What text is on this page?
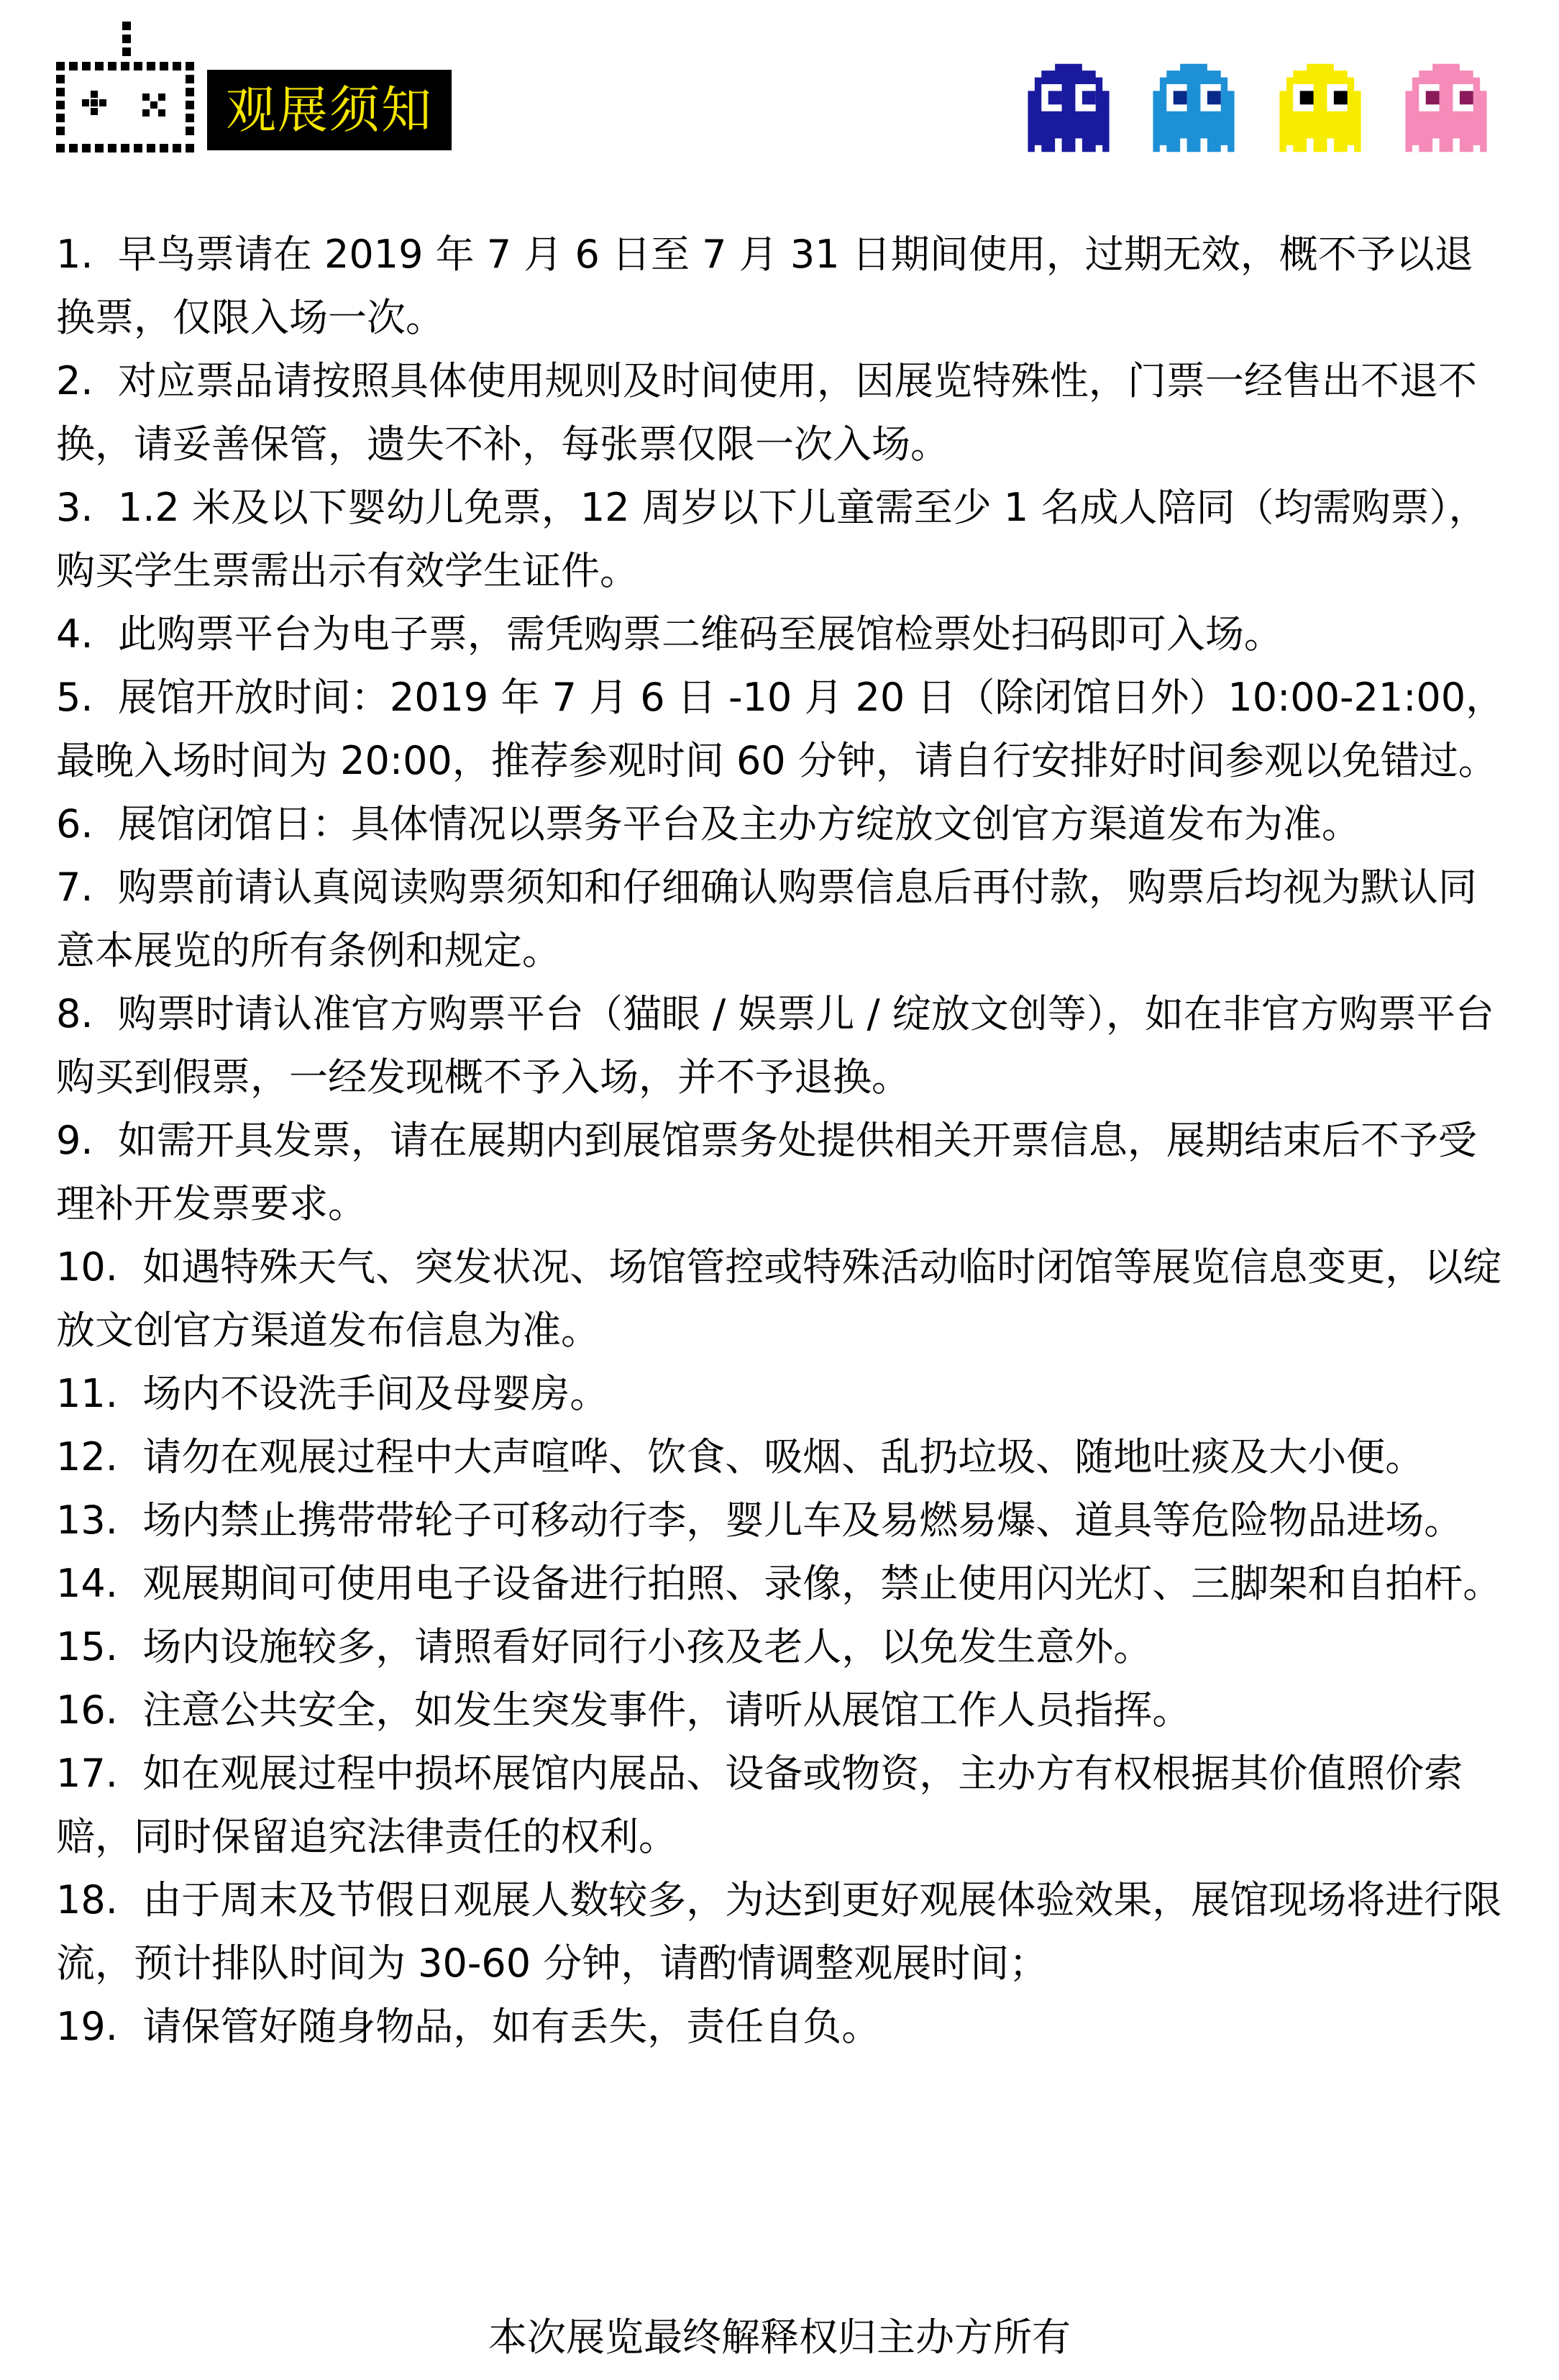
观展须知
1.  早鸟票请在 2019 年 7 月 6 日至 7 月 31 日期间使用，过期无效，概不予以退换票，仅限入场一次。
2.  对应票品请按照具体使用规则及时间使用，因展览特殊性，门票一经售出不退不换，请妥善保管，遗失不补，每张票仅限一次入场。
3.  1.2 米及以下婴幼儿免票，12 周岁以下儿童需至少 1 名成人陪同（均需购票），购买学生票需出示有效学生证件。
4.  此购票平台为电子票，需凭购票二维码至展馆检票处扫码即可入场。
5.  展馆开放时间：2019 年 7 月 6 日 -10 月 20 日（除闭馆日外）10:00-21:00，最晚入场时间为 20:00，推荐参观时间 60 分钟，请自行安排好时间参观以免错过。
6.  展馆闭馆日：具体情况以票务平台及主办方绽放文创官方渠道发布为准。
7.  购票前请认真阅读购票须知和仔细确认购票信息后再付款，购票后均视为默认同意本展览的所有条例和规定。
8.  购票时请认准官方购票平台（猫眼 / 娱票儿 / 绽放文创等），如在非官方购票平台购买到假票，一经发现概不予入场，并不予退换。
9.  如需开具发票，请在展期内到展馆票务处提供相关开票信息，展期结束后不予受理补开发票要求。
10.  如遇特殊天气、突发状况、场馆管控或特殊活动临时闭馆等展览信息变更，以绽放文创官方渠道发布信息为准。
11.  场内不设洗手间及母婴房。
12.  请勿在观展过程中大声喧哗、饮食、吸烟、乱扔垃圾、随地吐痰及大小便。
13.  场内禁止携带带轮子可移动行李，婴儿车及易燃易爆、道具等危险物品进场。
14.  观展期间可使用电子设备进行拍照、录像，禁止使用闪光灯、三脚架和自拍杆。
15.  场内设施较多，请照看好同行小孩及老人，以免发生意外。
16.  注意公共安全，如发生突发事件，请听从展馆工作人员指挥。
17.  如在观展过程中损坏展馆内展品、设备或物资，主办方有权根据其价值照价索赔，同时保留追究法律责任的权利。
18.  由于周末及节假日观展人数较多，为达到更好观展体验效果，展馆现场将进行限流，预计排队时间为 30-60 分钟，请酌情调整观展时间；
19.  请保管好随身物品，如有丢失，责任自负。
本次展览最终解释权归主办方所有
